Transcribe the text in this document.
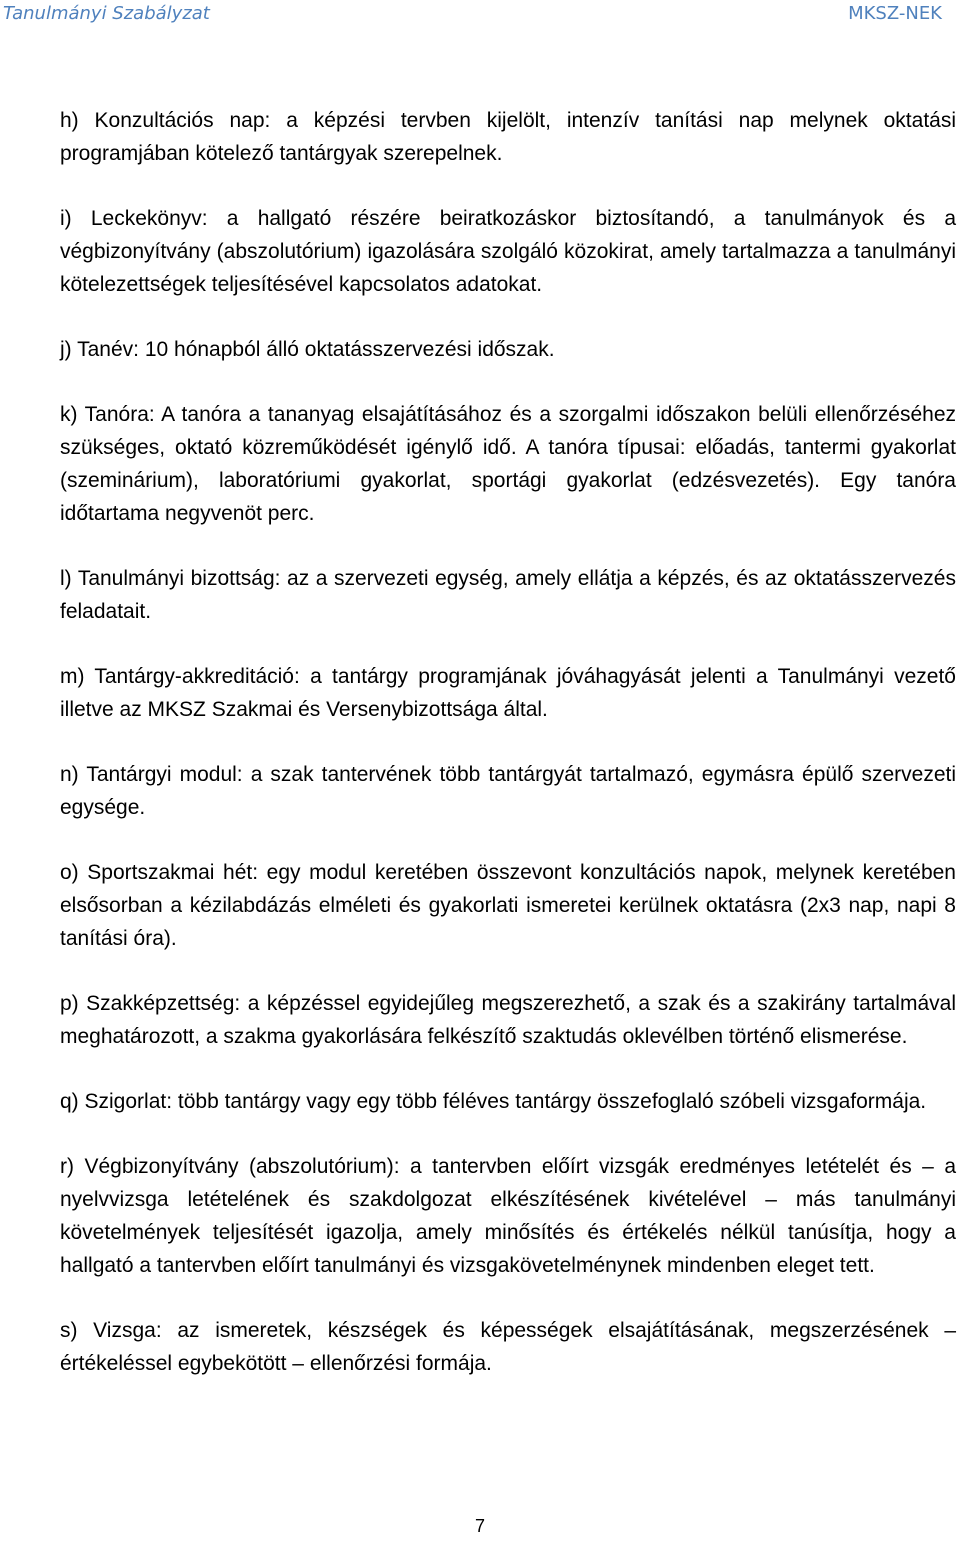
Tanulmányi Szabályzat	MKSZ-NEK

h) Konzultációs nap: a képzési tervben kijelölt, intenzív tanítási nap melynek oktatási programjában kötelező tantárgyak szerepelnek.

i) Leckekönyv: a hallgató részére beiratkozáskor biztosítandó, a tanulmányok és a végbizonyítvány (abszolutórium) igazolására szolgáló közokirat, amely tartalmazza a tanulmányi kötelezettségek teljesítésével kapcsolatos adatokat.

j) Tanév: 10 hónapból álló oktatásszervezési időszak.

k) Tanóra: A tanóra a tananyag elsajátításához és a szorgalmi időszakon belüli ellenőrzéséhez szükséges, oktató közreműködését igénylő idő. A tanóra típusai: előadás, tantermi gyakorlat (szeminárium), laboratóriumi gyakorlat, sportági gyakorlat (edzésvezetés). Egy tanóra időtartama negyvenöt perc.

l) Tanulmányi bizottság: az a szervezeti egység, amely ellátja a képzés, és az oktatásszervezés feladatait.

m) Tantárgy-akkreditáció: a tantárgy programjának jóváhagyását jelenti a Tanulmányi vezető illetve az MKSZ Szakmai és Versenybizottsága által.

n) Tantárgyi modul: a szak tantervének több tantárgyát tartalmazó, egymásra épülő szervezeti egysége.

o) Sportszakmai hét: egy modul keretében összevont konzultációs napok, melynek keretében elsősorban a kézilabdázás elméleti és gyakorlati ismeretei kerülnek oktatásra (2x3 nap, napi 8 tanítási óra).

p) Szakképzettség: a képzéssel egyidejűleg megszerezhető, a szak és a szakirány tartalmával meghatározott, a szakma gyakorlására felkészítő szaktudás oklevélben történő elismerése.

q) Szigorlat: több tantárgy vagy egy több féléves tantárgy összefoglaló szóbeli vizsgaformája.

r) Végbizonyítvány (abszolutórium): a tantervben előírt vizsgák eredményes letételét és – a nyelvvizsga letételének és szakdolgozat elkészítésének kivételével – más tanulmányi követelmények teljesítését igazolja, amely minősítés és értékelés nélkül tanúsítja, hogy a hallgató a tantervben előírt tanulmányi és vizsgakövetelménynek mindenben eleget tett.

s) Vizsga: az ismeretek, készségek és képességek elsajátításának, megszerzésének – értékeléssel egybekötött – ellenőrzési formája.

7
